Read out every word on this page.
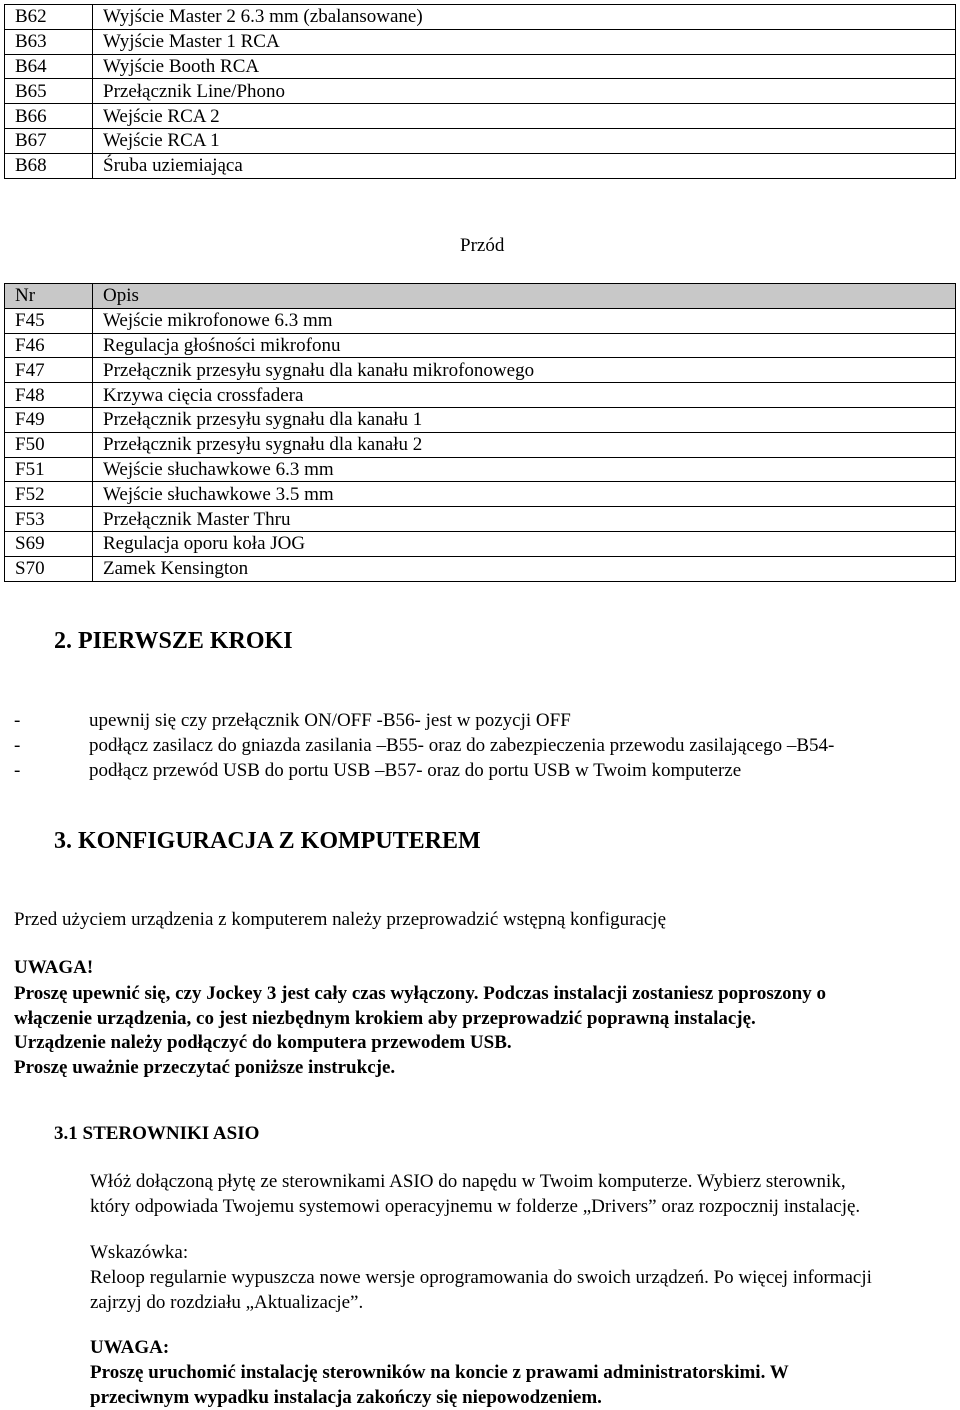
B62	Wyjście Master 2 6.3 mm (zbalansowane)
B63	Wyjście Master 1 RCA
B64	Wyjście Booth RCA
B65	Przełącznik Line/Phono
B66	Wejście RCA 2
B67	Wejście RCA 1
B68	Śruba uziemiająca
Przód
Nr	Opis
F45	Wejście mikrofonowe 6.3 mm
F46	Regulacja głośności mikrofonu
F47	Przełącznik przesyłu sygnału dla kanału mikrofonowego
F48	Krzywa cięcia crossfadera
F49	Przełącznik przesyłu sygnału dla kanału 1
F50	Przełącznik przesyłu sygnału dla kanału 2
F51	Wejście słuchawkowe 6.3 mm
F52	Wejście słuchawkowe 3.5 mm
F53	Przełącznik Master Thru
S69	Regulacja oporu koła JOG
S70	Zamek Kensington
2. PIERWSZE KROKI
-	upewnij się czy przełącznik ON/OFF -B56- jest w pozycji OFF
-	podłącz zasilacz do gniazda zasilania –B55- oraz do zabezpieczenia przewodu zasilającego –B54-
-	podłącz przewód USB do portu USB –B57- oraz do portu USB w Twoim komputerze
3. KONFIGURACJA Z KOMPUTEREM
Przed użyciem urządzenia z komputerem należy przeprowadzić wstępną konfigurację
UWAGA!
Proszę upewnić się, czy Jockey 3 jest cały czas wyłączony. Podczas instalacji zostaniesz poproszony o
włączenie urządzenia, co jest niezbędnym krokiem aby przeprowadzić poprawną instalację.
Urządzenie należy podłączyć do komputera przewodem USB.
Proszę uważnie przeczytać poniższe instrukcje.
3.1 STEROWNIKI ASIO
Włóż dołączoną płytę ze sterownikami ASIO do napędu w Twoim komputerze. Wybierz sterownik,
który odpowiada Twojemu systemowi operacyjnemu w folderze „Drivers” oraz rozpocznij instalację.
Wskazówka:
Reloop regularnie wypuszcza nowe wersje oprogramowania do swoich urządzeń. Po więcej informacji
zajrzyj do rozdziału „Aktualizacje”.
UWAGA:
Proszę uruchomić instalację sterowników na koncie z prawami administratorskimi. W
przeciwnym wypadku instalacja zakończy się niepowodzeniem.
